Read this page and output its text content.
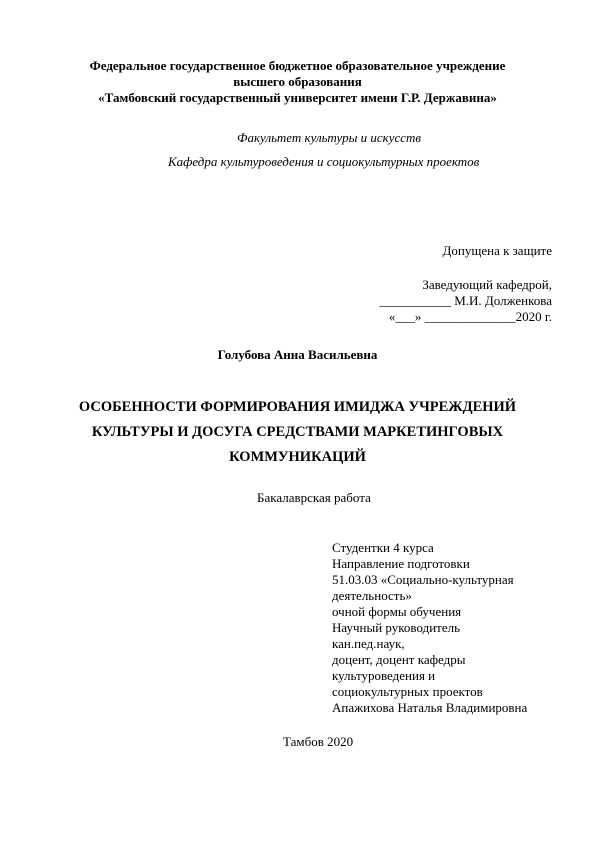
Федеральное государственное бюджетное образовательное учреждение
высшего образования
«Тамбовский государственный университет имени Г.Р. Державина»
Факультет культуры и искусств
Кафедра культуроведения и социокультурных проектов
Допущена к защите
Заведующий кафедрой,
___________ М.И. Долженкова
«___» ______________2020 г.
Голубова Анна Васильевна
ОСОБЕННОСТИ ФОРМИРОВАНИЯ ИМИДЖА УЧРЕЖДЕНИЙ
КУЛЬТУРЫ И ДОСУГА СРЕДСТВАМИ МАРКЕТИНГОВЫХ
КОММУНИКАЦИЙ
Бакалаврская работа
Студентки 4 курса
Направление подготовки
51.03.03 «Социально-культурная
деятельность»
очной формы обучения
Научный руководитель
кан.пед.наук,
доцент, доцент кафедры
культуроведения и
социокультурных проектов
Апажихова Наталья Владимировна
Тамбов 2020
